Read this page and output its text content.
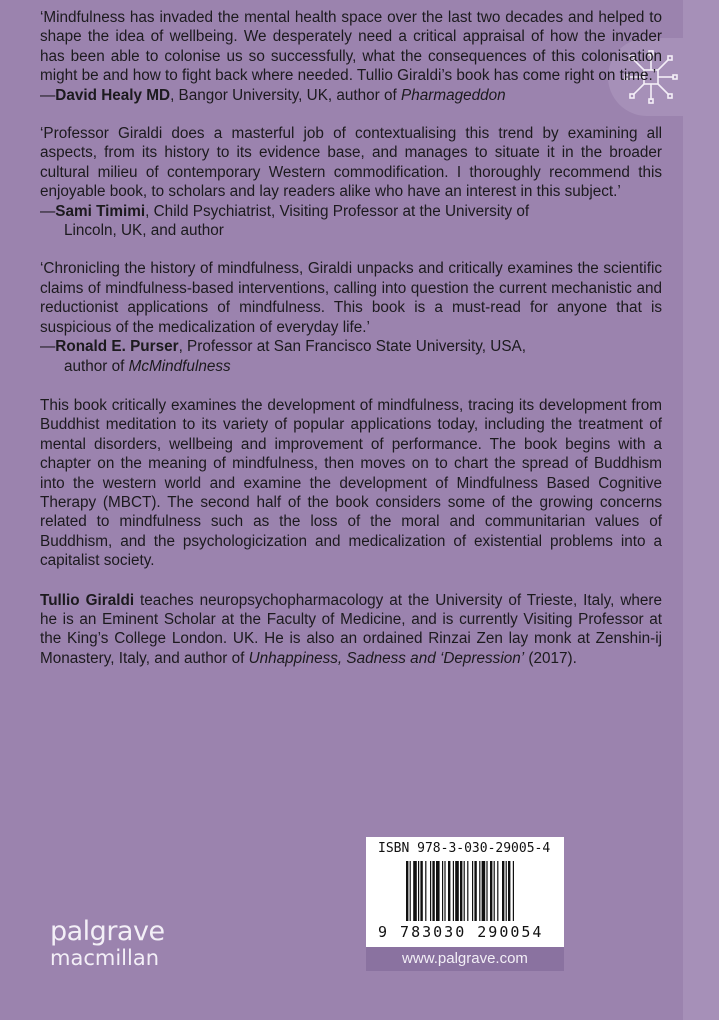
‘Mindfulness has invaded the mental health space over the last two decades and helped to shape the idea of wellbeing. We desperately need a critical appraisal of how the invader has been able to colonise us so successfully, what the consequences of this colonisation might be and how to fight back where needed. Tullio Giraldi’s book has come right on time.’

—David Healy MD, Bangor University, UK, author of Pharmageddon

‘Professor Giraldi does a masterful job of contextualising this trend by examining all aspects, from its history to its evidence base, and manages to situate it in the broader cultural milieu of contemporary Western commodification. I thoroughly recommend this enjoyable book, to scholars and lay readers alike who have an interest in this subject.’

—Sami Timimi, Child Psychiatrist, Visiting Professor at the University of

Lincoln, UK, and author

‘Chronicling the history of mindfulness, Giraldi unpacks and critically examines the scientific claims of mindfulness-based interventions, calling into question the current mechanistic and reductionist applications of mindfulness. This book is a must-read for anyone that is suspicious of the medicalization of everyday life.’

—Ronald E. Purser, Professor at San Francisco State University, USA,

author of McMindfulness

This book critically examines the development of mindfulness, tracing its development from Buddhist meditation to its variety of popular applications today, including the treatment of mental disorders, wellbeing and improvement of performance. The book begins with a chapter on the meaning of mindfulness, then moves on to chart the spread of Buddhism into the western world and examine the development of Mindfulness Based Cognitive Therapy (MBCT). The second half of the book considers some of the growing concerns related to mindfulness such as the loss of the moral and communitarian values of Buddhism, and the psychologicization and medicalization of existential problems into a capitalist society.

Tullio Giraldi teaches neuropsychopharmacology at the University of Trieste, Italy, where he is an Eminent Scholar at the Faculty of Medicine, and is currently Visiting Professor at the King’s College London. UK. He is also an ordained Rinzai Zen lay monk at Zenshin-ij Monastery, Italy, and author of Unhappiness, Sadness and ‘Depression’ (2017).

ISBN 978-3-030-29005-4
9 783030 290054
www.palgrave.com
palgrave
macmillan
